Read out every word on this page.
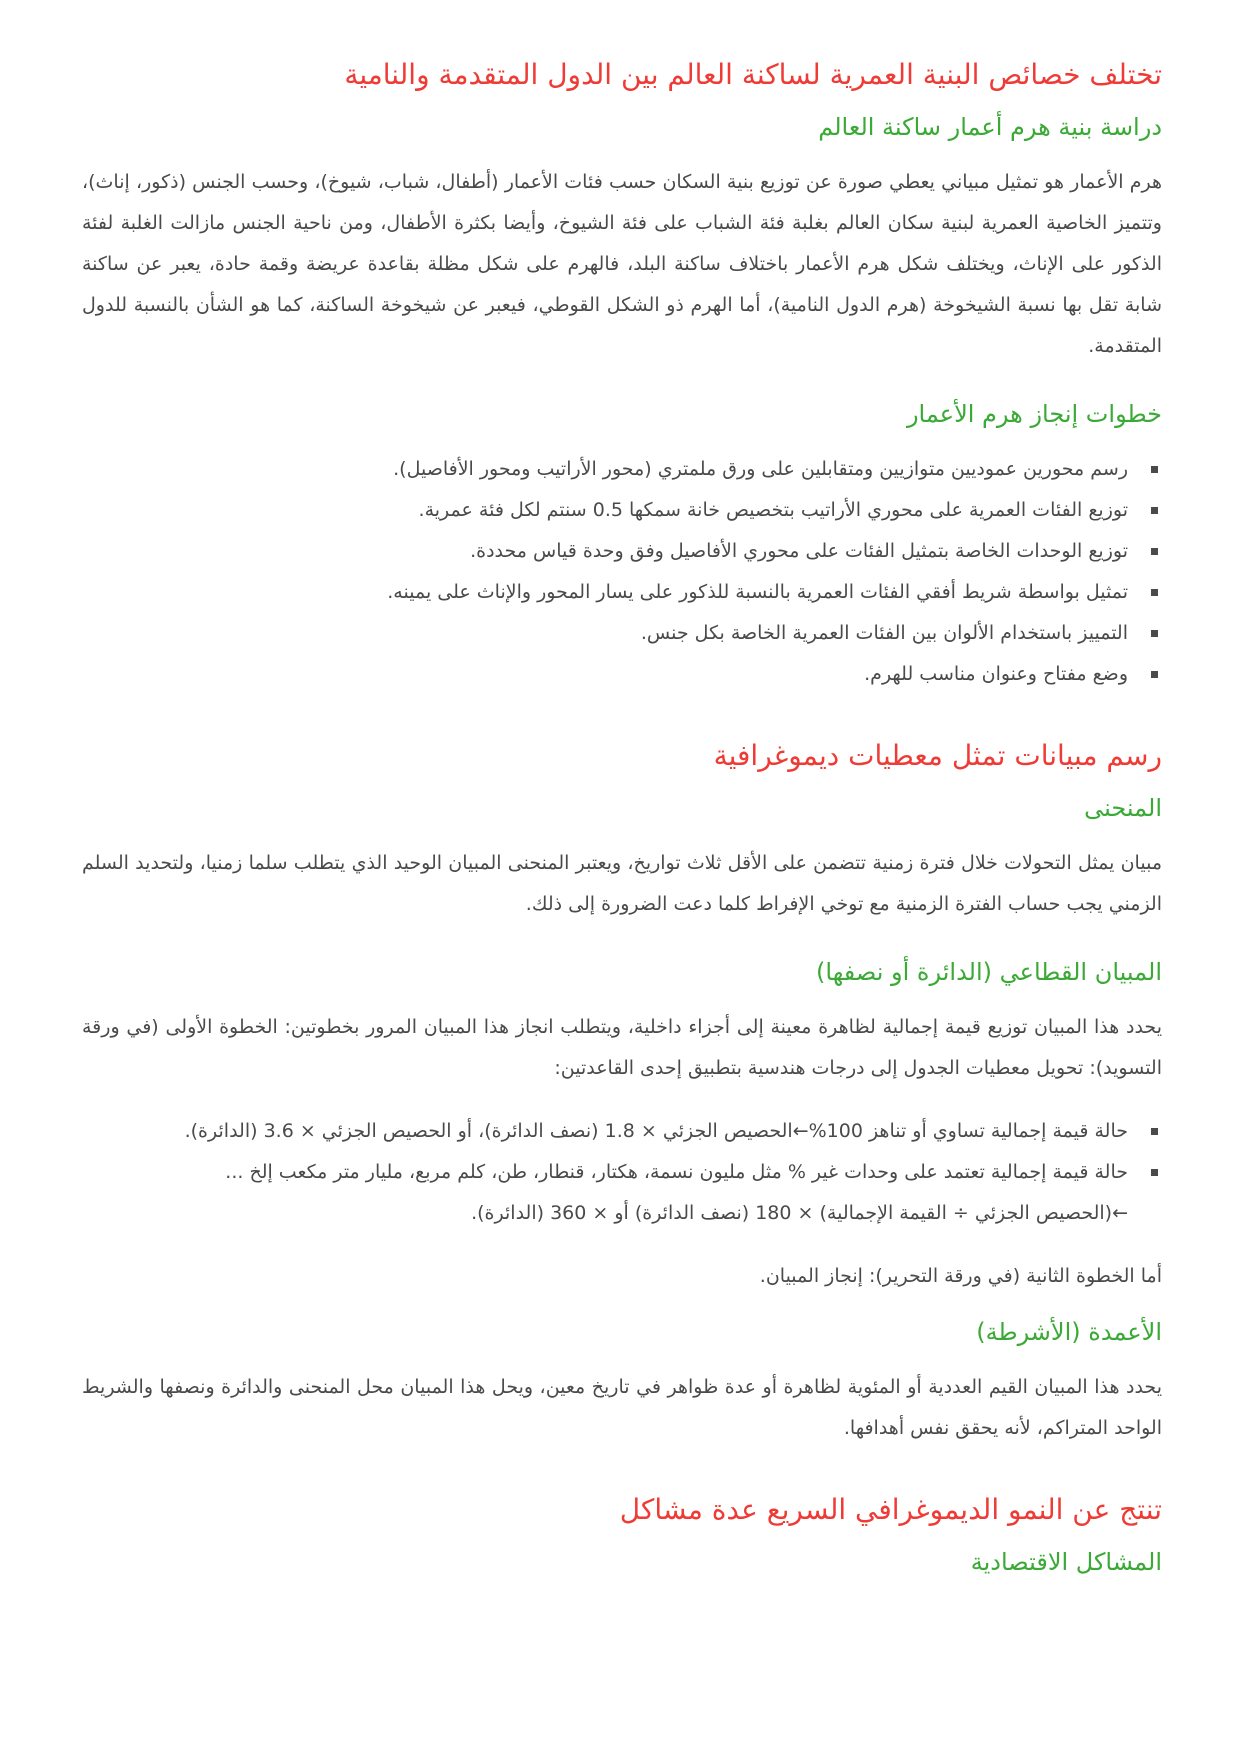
تختلف خصائص البنية العمرية لساكنة العالم بين الدول المتقدمة والنامية
دراسة بنية هرم أعمار ساكنة العالم

هرم الأعمار هو تمثيل مبياني يعطي صورة عن توزيع بنية السكان حسب فئات الأعمار (أطفال، شباب، شيوخ)، وحسب الجنس (ذكور، إناث)، وتتميز الخاصية العمرية لبنية سكان العالم بغلبة فئة الشباب على فئة الشيوخ، وأيضا بكثرة الأطفال، ومن ناحية الجنس مازالت الغلبة لفئة الذكور على الإناث، ويختلف شكل هرم الأعمار باختلاف ساكنة البلد، فالهرم على شكل مظلة بقاعدة عريضة وقمة حادة، يعبر عن ساكنة شابة تقل بها نسبة الشيخوخة (هرم الدول النامية)، أما الهرم ذو الشكل القوطي، فيعبر عن شيخوخة الساكنة، كما هو الشأن بالنسبة للدول المتقدمة.

خطوات إنجاز هرم الأعمار
رسم محورين عموديين متوازيين ومتقابلين على ورق ملمتري (محور الأراتيب ومحور الأفاصيل).
توزيع الفئات العمرية على محوري الأراتيب بتخصيص خانة سمكها 0.5 سنتم لكل فئة عمرية.
توزيع الوحدات الخاصة بتمثيل الفئات على محوري الأفاصيل وفق وحدة قياس محددة.
تمثيل بواسطة شريط أفقي الفئات العمرية بالنسبة للذكور على يسار المحور والإناث على يمينه.
التمييز باستخدام الألوان بين الفئات العمرية الخاصة بكل جنس.
وضع مفتاح وعنوان مناسب للهرم.
رسم مبيانات تمثل معطيات ديموغرافية
المنحنى

مبيان يمثل التحولات خلال فترة زمنية تتضمن على الأقل ثلاث تواريخ، ويعتبر المنحنى المبيان الوحيد الذي يتطلب سلما زمنيا، ولتحديد السلم الزمني يجب حساب الفترة الزمنية مع توخي الإفراط كلما دعت الضرورة إلى ذلك.

المبيان القطاعي (الدائرة أو نصفها)

يحدد هذا المبيان توزيع قيمة إجمالية لظاهرة معينة إلى أجزاء داخلية، ويتطلب انجاز هذا المبيان المرور بخطوتين: الخطوة الأولى (في ورقة التسويد): تحويل معطيات الجدول إلى درجات هندسية بتطبيق إحدى القاعدتين:

حالة قيمة إجمالية تساوي أو تناهز 100%←الحصيص الجزئي × 1.8 (نصف الدائرة)، أو الحصيص الجزئي × 3.6 (الدائرة).
حالة قيمة إجمالية تعتمد على وحدات غير % مثل مليون نسمة، هكتار، قنطار، طن، كلم مربع، مليار متر مكعب إلخ ...
←(الحصيص الجزئي ÷ القيمة الإجمالية) × 180 (نصف الدائرة) أو × 360 (الدائرة).

أما الخطوة الثانية (في ورقة التحرير): إنجاز المبيان.

الأعمدة (الأشرطة)

يحدد هذا المبيان القيم العددية أو المئوية لظاهرة أو عدة ظواهر في تاريخ معين، ويحل هذا المبيان محل المنحنى والدائرة ونصفها والشريط الواحد المتراكم، لأنه يحقق نفس أهدافها.

تنتج عن النمو الديموغرافي السريع عدة مشاكل
المشاكل الاقتصادية
